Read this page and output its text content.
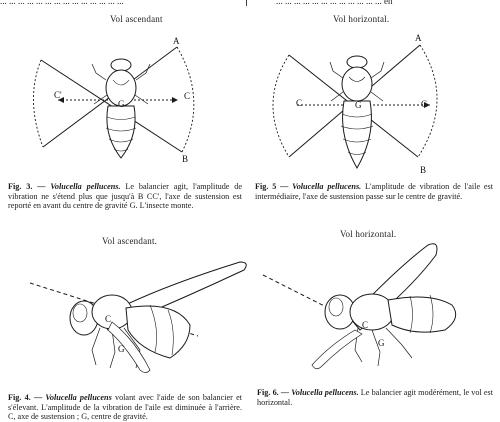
... ... ... ... ... ... ... ... ... ... ... ... ... ...	... ... ... ... ... ... ... ... ... ... ... ... en
Vol ascendant	Vol horizontal.
Vol ascendant.
Vol horizontal.
A
B
C'	C
G
A
B
C	C
G
C
G
C
G
Fig. 3. — Volucella pellucens. Le balancier agit, l'amplitude de vibration ne s'étend plus que jusqu'à B CC', l'axe de sustension est reporté en avant du centre de gravité G. L'insecte monte.
Fig. 5 — Volucella pellucens. L'amplitude de vibration de l'aile est intermédiaire, l'axe de sustension passe sur le centre de gravité.
Fig. 4. — Volucella pellucens volant avec l'aide de son balancier et s'élevant. L'amplitude de la vibration de l'aile est diminuée à l'arrière. C, axe de sustension ; G, centre de gravité.
Fig. 6. — Volucella pellucens. Le balancier agit modérément, le vol est horizontal.
